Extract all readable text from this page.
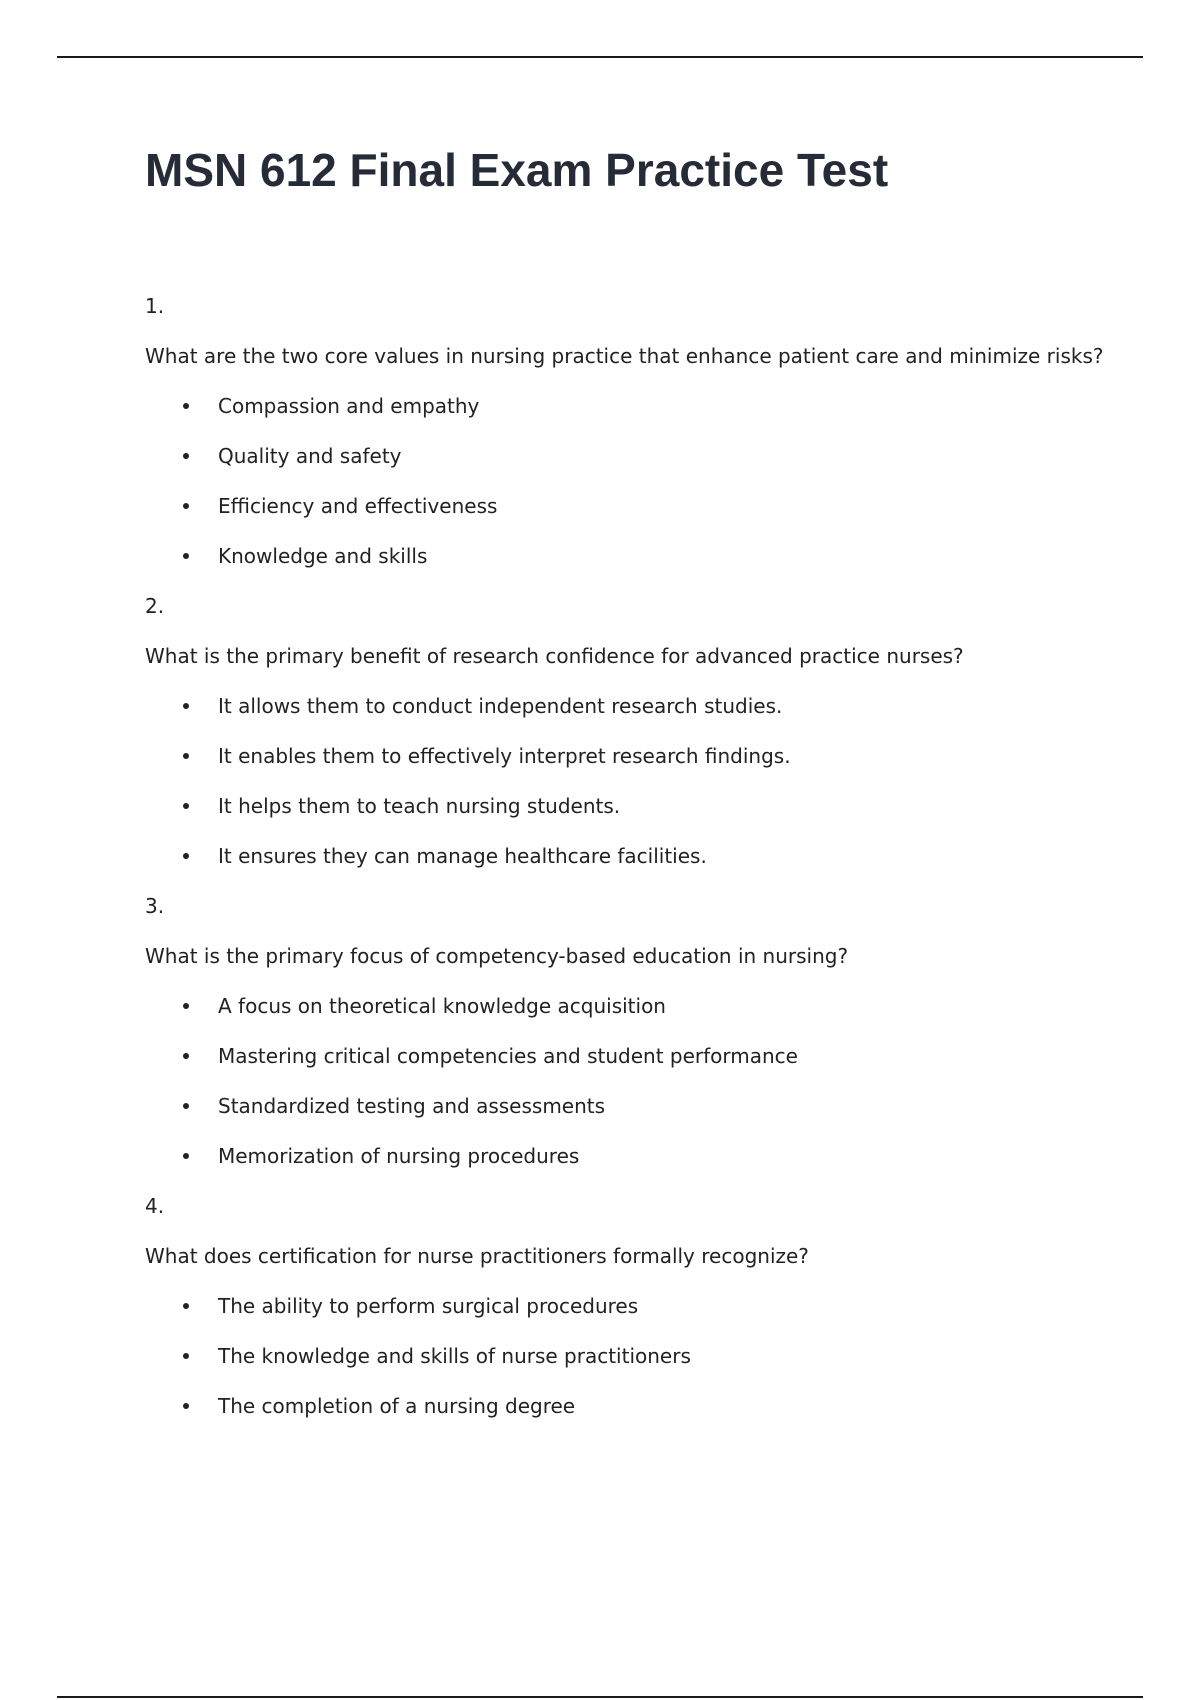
MSN 612 Final Exam Practice Test
1.
What are the two core values in nursing practice that enhance patient care and minimize risks?
Compassion and empathy
Quality and safety
Efficiency and effectiveness
Knowledge and skills
2.
What is the primary benefit of research confidence for advanced practice nurses?
It allows them to conduct independent research studies.
It enables them to effectively interpret research findings.
It helps them to teach nursing students.
It ensures they can manage healthcare facilities.
3.
What is the primary focus of competency-based education in nursing?
A focus on theoretical knowledge acquisition
Mastering critical competencies and student performance
Standardized testing and assessments
Memorization of nursing procedures
4.
What does certification for nurse practitioners formally recognize?
The ability to perform surgical procedures
The knowledge and skills of nurse practitioners
The completion of a nursing degree
